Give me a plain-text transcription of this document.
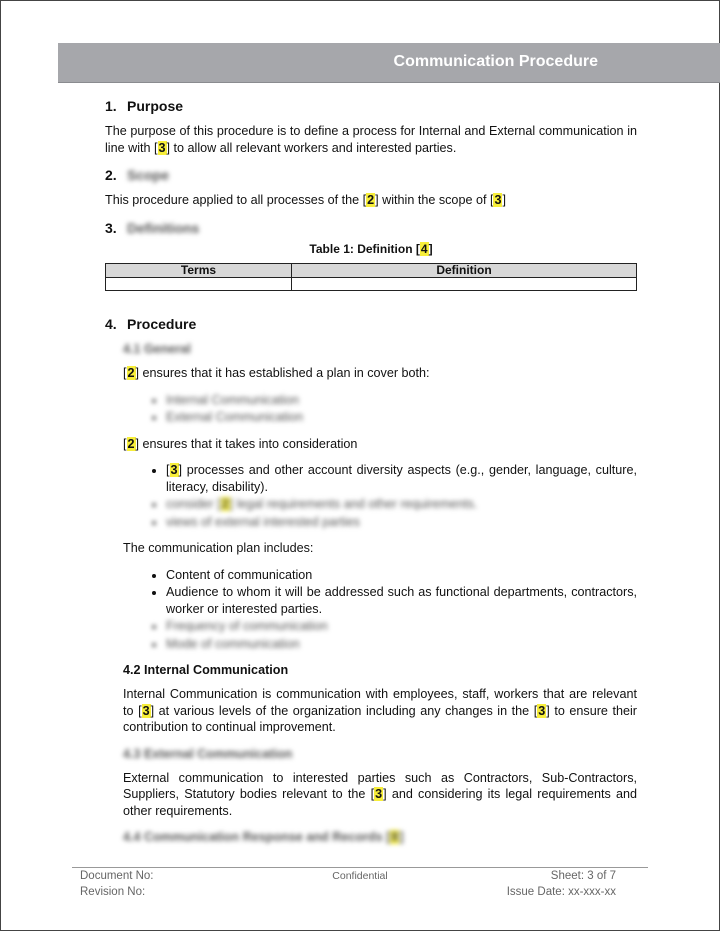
Communication Procedure
1. Purpose

The purpose of this procedure is to define a process for Internal and External communication in line with [3] to allow all relevant workers and interested parties.

2. Scope

This procedure applied to all processes of the [2] within the scope of [3]

3. Definitions
Table 1: Definition [4]
Terms	Definition

4. Procedure
4.1 General

[2] ensures that it has established a plan in cover both:

• Internal Communication
• External Communication

[2] ensures that it takes into consideration

• [3] processes and other account diversity aspects (e.g., gender, language, culture, literacy, disability).
• consider [2] legal requirements and other requirements.
• views of external interested parties

The communication plan includes:

• Content of communication
• Audience to whom it will be addressed such as functional departments, contractors, worker or interested parties.
• Frequency of communication
• Mode of communication
4.2 Internal Communication

Internal Communication is communication with employees, staff, workers that are relevant to [3] at various levels of the organization including any changes in the [3] to ensure their contribution to continual improvement.

4.3 External Communication

External communication to interested parties such as Contractors, Sub-Contractors, Suppliers, Statutory bodies relevant to the [3] and considering its legal requirements and other requirements.

4.4 Communication Response and Records [8]
Document No:	Confidential	Sheet: 3 of 7
Revision No:	Issue Date: xx-xxx-xx
